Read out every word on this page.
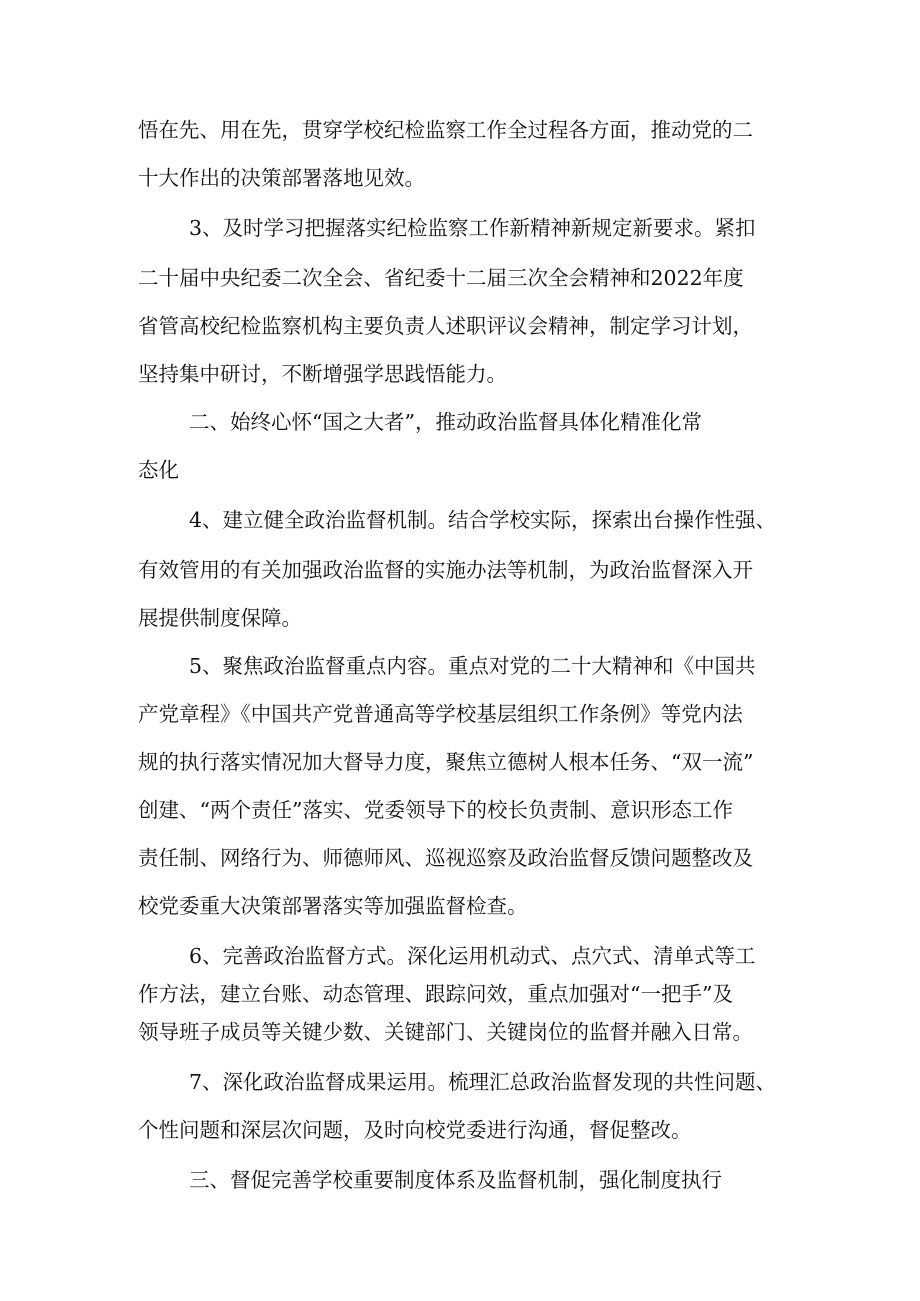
悟在先、用在先，贯穿学校纪检监察工作全过程各方面，推动党的二
十大作出的决策部署落地见效。
3、及时学习把握落实纪检监察工作新精神新规定新要求。紧扣
二十届中央纪委二次全会、省纪委十二届三次全会精神和2022年度
省管高校纪检监察机构主要负责人述职评议会精神，制定学习计划，
坚持集中研讨，不断增强学思践悟能力。
二、始终心怀“国之大者”，推动政治监督具体化精准化常
态化
4、建立健全政治监督机制。结合学校实际，探索出台操作性强、
有效管用的有关加强政治监督的实施办法等机制，为政治监督深入开
展提供制度保障。
5、聚焦政治监督重点内容。重点对党的二十大精神和《中国共
产党章程》《中国共产党普通高等学校基层组织工作条例》等党内法
规的执行落实情况加大督导力度，聚焦立德树人根本任务、“双一流”
创建、“两个责任”落实、党委领导下的校长负责制、意识形态工作
责任制、网络行为、师德师风、巡视巡察及政治监督反馈问题整改及
校党委重大决策部署落实等加强监督检查。
6、完善政治监督方式。深化运用机动式、点穴式、清单式等工
作方法，建立台账、动态管理、跟踪问效，重点加强对“一把手”及
领导班子成员等关键少数、关键部门、关键岗位的监督并融入日常。
7、深化政治监督成果运用。梳理汇总政治监督发现的共性问题、
个性问题和深层次问题，及时向校党委进行沟通，督促整改。
三、督促完善学校重要制度体系及监督机制，强化制度执行
